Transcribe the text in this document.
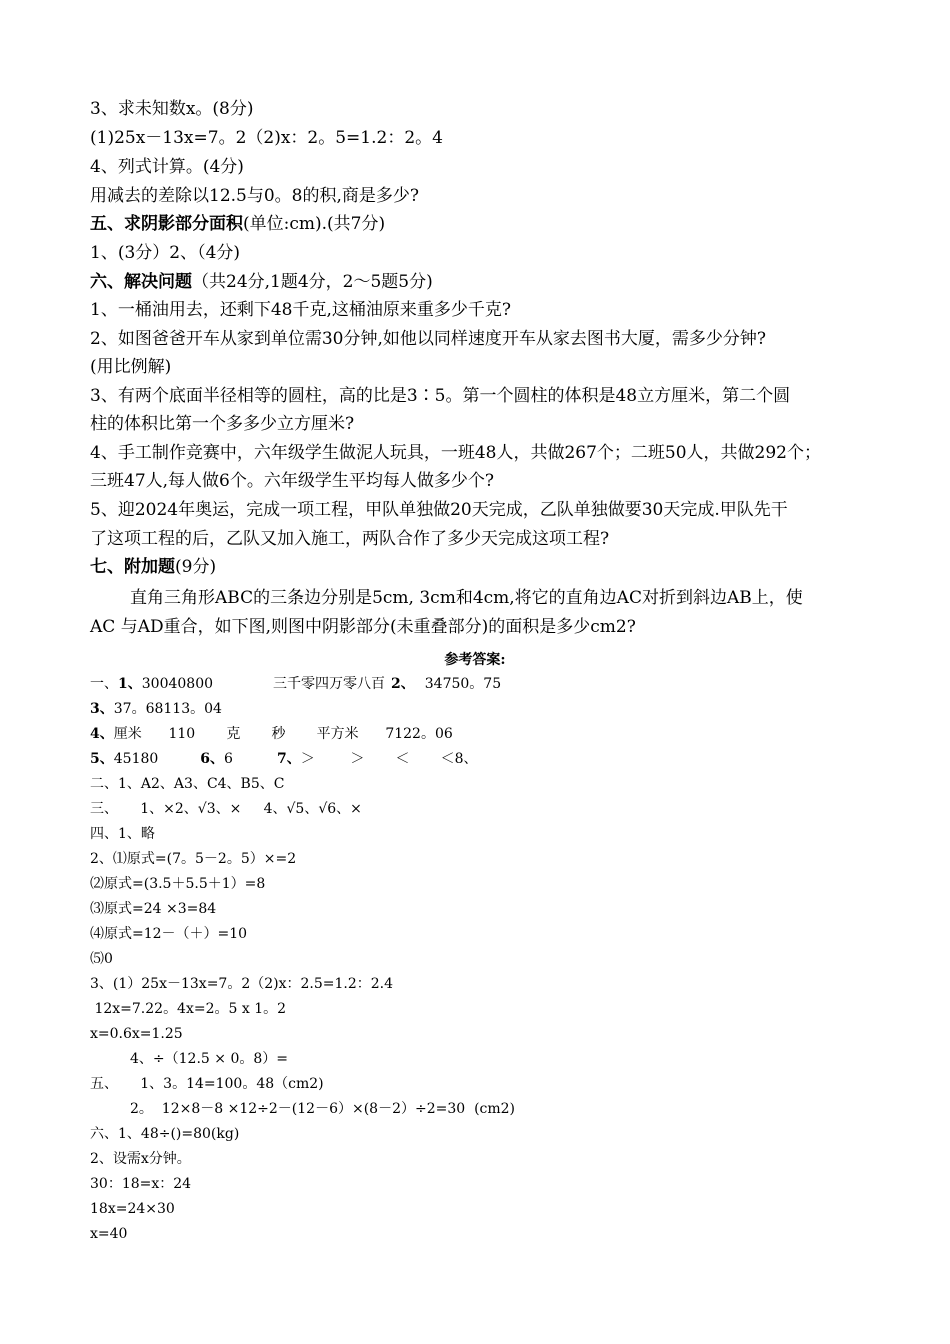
3、求未知数x。(8分)
(1)25x－13x=7。2（2)x：2。5=1.2：2。4
4、列式计算。(4分)
用减去的差除以12.5与0。8的积,商是多少?
五、求阴影部分面积(单位:cm).(共7分)
1、(3分）2、（4分)
六、解决问题（共24分,1题4分，2～5题5分)
1、一桶油用去，还剩下48千克,这桶油原来重多少千克?
2、如图爸爸开车从家到单位需30分钟,如他以同样速度开车从家去图书大厦，需多少分钟?
(用比例解)
3、有两个底面半径相等的圆柱，高的比是3∶5。第一个圆柱的体积是48立方厘米，第二个圆
柱的体积比第一个多多少立方厘米?
4、手工制作竞赛中，六年级学生做泥人玩具，一班48人，共做267个；二班50人，共做292个；
三班47人,每人做6个。六年级学生平均每人做多少个?
5、迎2024年奥运，完成一项工程，甲队单独做20天完成，乙队单独做要30天完成.甲队先干
了这项工程的后，乙队又加入施工，两队合作了多少天完成这项工程?
七、附加题(9分)
直角三角形ABC的三条边分别是5cm, 3cm和4cm,将它的直角边AC对折到斜边AB上，使
AC 与AD重合，如下图,则图中阴影部分(未重叠部分)的面积是多少cm2?
参考答案:
一、1、30040800	三千零四万零八百 2、 34750。75
3、37。68113。04
4、厘米      110       克       秒       平方米      7122。06
5、45180	6、6	7、＞        ＞       ＜       ＜8、
二、1、A2、A3、C4、B5、C
三、     1、×2、√3、×     4、√5、√6、×
四、1、略
2、⑴原式=(7。5－2。5）×=2
⑵原式=(3.5＋5.5＋1）=8
⑶原式=24 ×3=84
⑷原式=12－（＋）=10
⑸0
3、(1）25x－13x=7。2（2)x：2.5=1.2：2.4
12x=7.22。4x=2。5 x 1。2
x=0.6x=1.25
4、÷（12.5 × 0。8）=
五、     1、3。14=100。48（cm2)
2。  12×8－8 ×12÷2－(12－6）×(8－2）÷2=30  (cm2)
六、1、48÷()=80(kg)
2、设需x分钟。
30：18=x：24
18x=24×30
x=40
